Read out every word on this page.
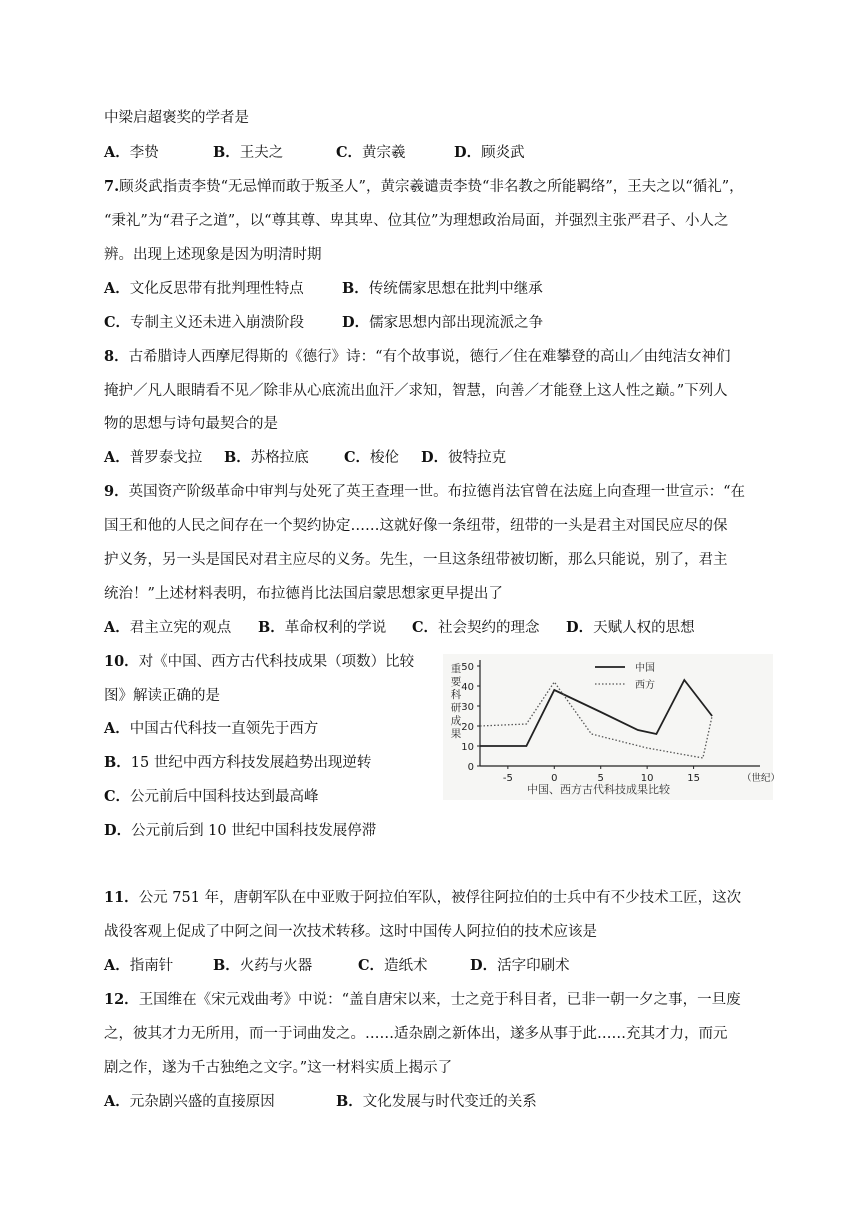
中梁启超褒奖的学者是
A．李贽	B．王夫之	C．黄宗羲	D．顾炎武
7.顾炎武指责李贽“无忌惮而敢于叛圣人”，黄宗羲谴责李贽“非名教之所能羁络”，王夫之以“循礼”，
“秉礼”为“君子之道”，以“尊其尊、卑其卑、位其位”为理想政治局面，并强烈主张严君子、小人之
辨。出现上述现象是因为明清时期
A．文化反思带有批判理性特点	B．传统儒家思想在批判中继承
C．专制主义还未进入崩溃阶段	D．儒家思想内部出现流派之争
8．古希腊诗人西摩尼得斯的《德行》诗：“有个故事说，德行／住在难攀登的高山／由纯洁女神们
掩护／凡人眼睛看不见／除非从心底流出血汗／求知，智慧，向善／才能登上这人性之巅。”下列人
物的思想与诗句最契合的是
A．普罗泰戈拉 B．苏格拉底 C．梭伦 D．彼特拉克
9．英国资产阶级革命中审判与处死了英王查理一世。布拉德肖法官曾在法庭上向查理一世宣示：“在
国王和他的人民之间存在一个契约协定……这就好像一条纽带，纽带的一头是君主对国民应尽的保
护义务，另一头是国民对君主应尽的义务。先生，一旦这条纽带被切断，那么只能说，别了，君主
统治！”上述材料表明，布拉德肖比法国启蒙思想家更早提出了
A．君主立宪的观点 B．革命权利的学说 C．社会契约的理念 D．天赋人权的思想
10．对《中国、西方古代科技成果（项数）比较
图》解读正确的是
A．中国古代科技一直领先于西方
B．15 世纪中西方科技发展趋势出现逆转
C．公元前后中国科技达到最高峰
D．公元前后到 10 世纪中国科技发展停滞
0
10
20
30
40
50
-5	0	5	10	15	（世纪）
重
要
科
研
成
果
中国
西方
中国、西方古代科技成果比较
11．公元 751 年，唐朝军队在中亚败于阿拉伯军队，被俘往阿拉伯的士兵中有不少技术工匠，这次
战役客观上促成了中阿之间一次技术转移。这时中国传人阿拉伯的技术应该是
A．指南针	B．火药与火器	C．造纸术	D．活字印刷术
12．王国维在《宋元戏曲考》中说：“盖自唐宋以来，士之竞于科目者，已非一朝一夕之事，一旦废
之，彼其才力无所用，而一于词曲发之。……适杂剧之新体出，遂多从事于此……充其才力，而元
剧之作，遂为千古独绝之文字。”这一材料实质上揭示了
A．元杂剧兴盛的直接原因	B．文化发展与时代变迁的关系
